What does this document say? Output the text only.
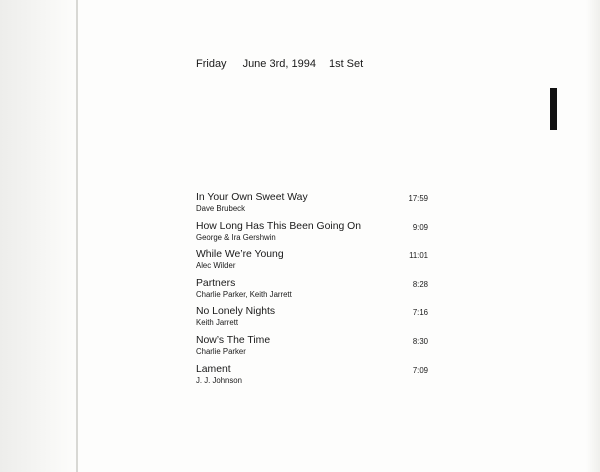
Friday June 3rd, 1994 1st Set
In Your Own Sweet Way
Dave Brubeck
17:59
How Long Has This Been Going On
George & Ira Gershwin
9:09
While We’re Young
Alec Wilder
11:01
Partners
Charlie Parker, Keith Jarrett
8:28
No Lonely Nights
Keith Jarrett
7:16
Now’s The Time
Charlie Parker
8:30
Lament
J. J. Johnson
7:09
